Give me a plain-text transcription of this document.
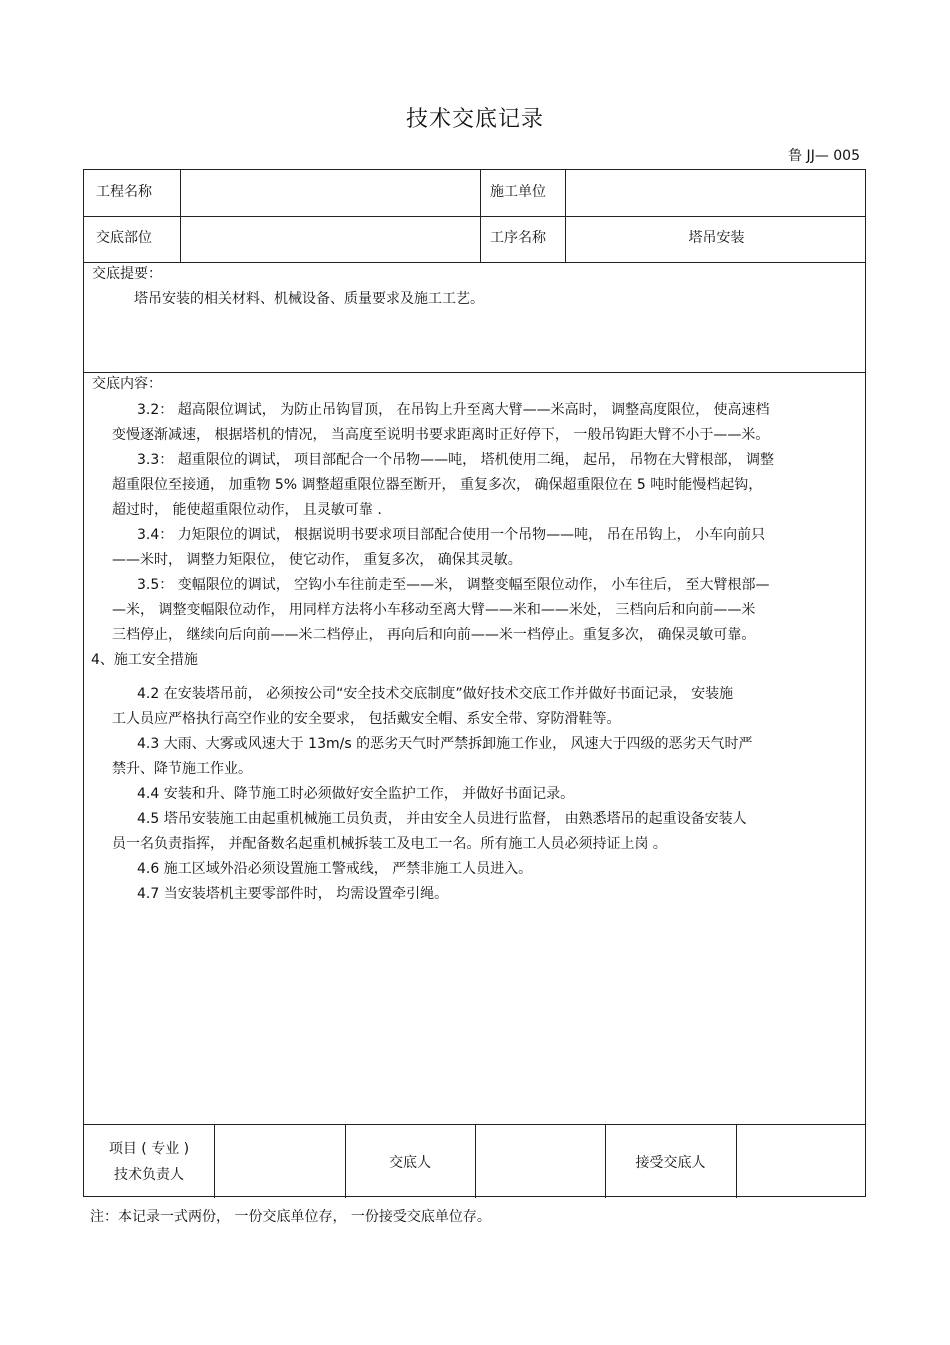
技术交底记录
鲁 JJ— 005
工程名称	施工单位
交底部位	工序名称	塔吊安装
交底提要：
塔吊安装的相关材料、机械设备、质量要求及施工工艺。
交底内容：
3.2： 超高限位调试， 为防止吊钩冒顶， 在吊钩上升至离大臂——米高时， 调整高度限位， 使高速档
变慢逐渐减速， 根据塔机的情况， 当高度至说明书要求距离时正好停下， 一般吊钩距大臂不小于——米。
3.3： 超重限位的调试， 项目部配合一个吊物——吨， 塔机使用二绳， 起吊， 吊物在大臂根部， 调整
超重限位至接通， 加重物 5% 调整超重限位器至断开， 重复多次， 确保超重限位在 5 吨时能慢档起钩，
超过时， 能使超重限位动作， 且灵敏可靠 .
3.4： 力矩限位的调试， 根据说明书要求项目部配合使用一个吊物——吨， 吊在吊钩上， 小车向前只
——米时， 调整力矩限位， 使它动作， 重复多次， 确保其灵敏。
3.5： 变幅限位的调试， 空钩小车往前走至——米， 调整变幅至限位动作， 小车往后， 至大臂根部—
—米， 调整变幅限位动作， 用同样方法将小车移动至离大臂——米和——米处， 三档向后和向前——米
三档停止， 继续向后向前——米二档停止， 再向后和向前——米一档停止。重复多次， 确保灵敏可靠。
4、施工安全措施
4.2 在安装塔吊前， 必须按公司“安全技术交底制度”做好技术交底工作并做好书面记录， 安装施
工人员应严格执行高空作业的安全要求， 包括戴安全帽、系安全带、穿防滑鞋等。
4.3 大雨、大雾或风速大于 13m/s 的恶劣天气时严禁拆卸施工作业， 风速大于四级的恶劣天气时严
禁升、降节施工作业。
4.4 安装和升、降节施工时必须做好安全监护工作， 并做好书面记录。
4.5 塔吊安装施工由起重机械施工员负责， 并由安全人员进行监督， 由熟悉塔吊的起重设备安装人
员一名负责指挥， 并配备数名起重机械拆装工及电工一名。所有施工人员必须持证上岗 。
4.6 施工区域外沿必须设置施工警戒线， 严禁非施工人员进入。
4.7 当安装塔机主要零部件时， 均需设置牵引绳。
项目 ( 专业 )
技术负责人
交底人	接受交底人
注：本记录一式两份， 一份交底单位存， 一份接受交底单位存。
